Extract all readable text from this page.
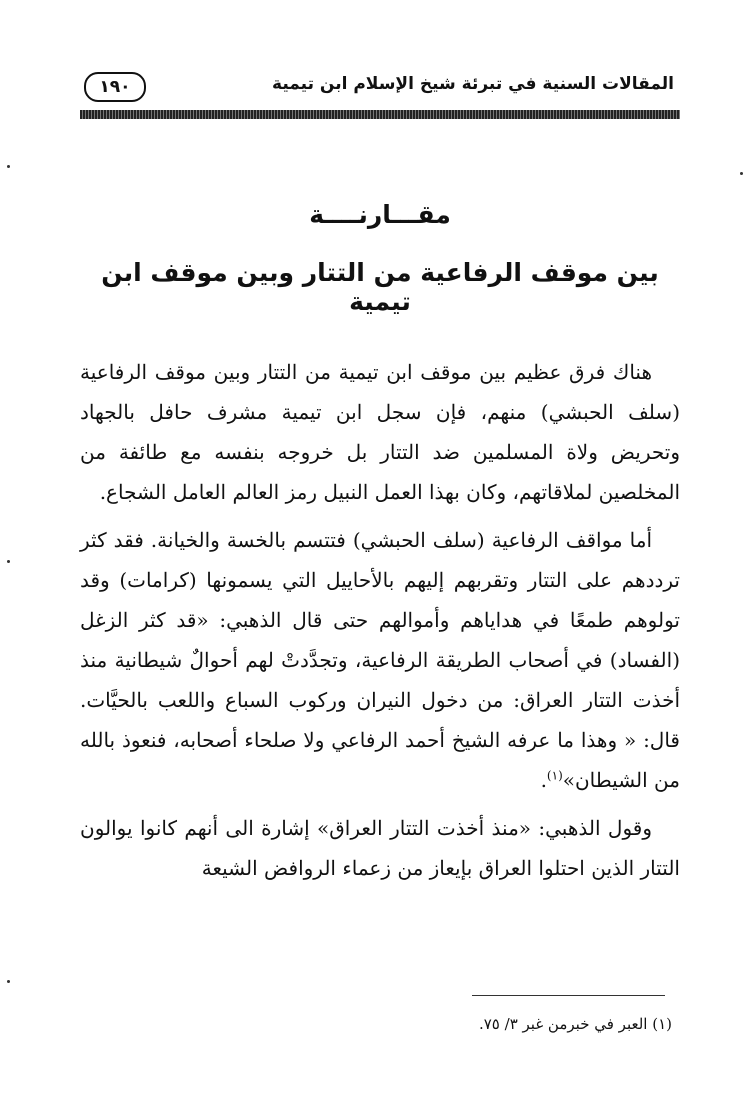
المقالات السنية في تبرئة شيخ الإسلام ابن تيمية
١٩٠
مقـــارنــــة
بين موقف الرفاعية من التتار وبين موقف ابن تيمية

هناك فرق عظيم بين موقف ابن تيمية من التتار وبين موقف الرفاعية (سلف الحبشي) منهم، فإن سجل ابن تيمية مشرف حافل بالجهاد وتحريض ولاة المسلمين ضد التتار بل خروجه بنفسه مع طائفة من المخلصين لملاقاتهم، وكان بهذا العمل النبيل رمز العالم العامل الشجاع.

أما مواقف الرفاعية (سلف الحبشي) فتتسم بالخسة والخيانة. فقد كثر ترددهم على التتار وتقربهم إليهم بالأحاييل التي يسمونها (كرامات) وقد تولوهم طمعًا في هداياهم وأموالهم حتى قال الذهبي: «قد كثر الزغل (الفساد) في أصحاب الطريقة الرفاعية، وتجدَّدتْ لهم أحوالٌ شيطانية منذ أخذت التتار العراق: من دخول النيران وركوب السباع واللعب بالحيَّات. قال: « وهذا ما عرفه الشيخ أحمد الرفاعي ولا صلحاء أصحابه، فنعوذ بالله من الشيطان»$^{(١)}$.

وقول الذهبي: «منذ أخذت التتار العراق» إشارة الى أنهم كانوا يوالون التتار الذين احتلوا العراق بإيعاز من زعماء الروافض الشيعة

(١) العبر في خبرمن غبر ٣/ ٧٥.
